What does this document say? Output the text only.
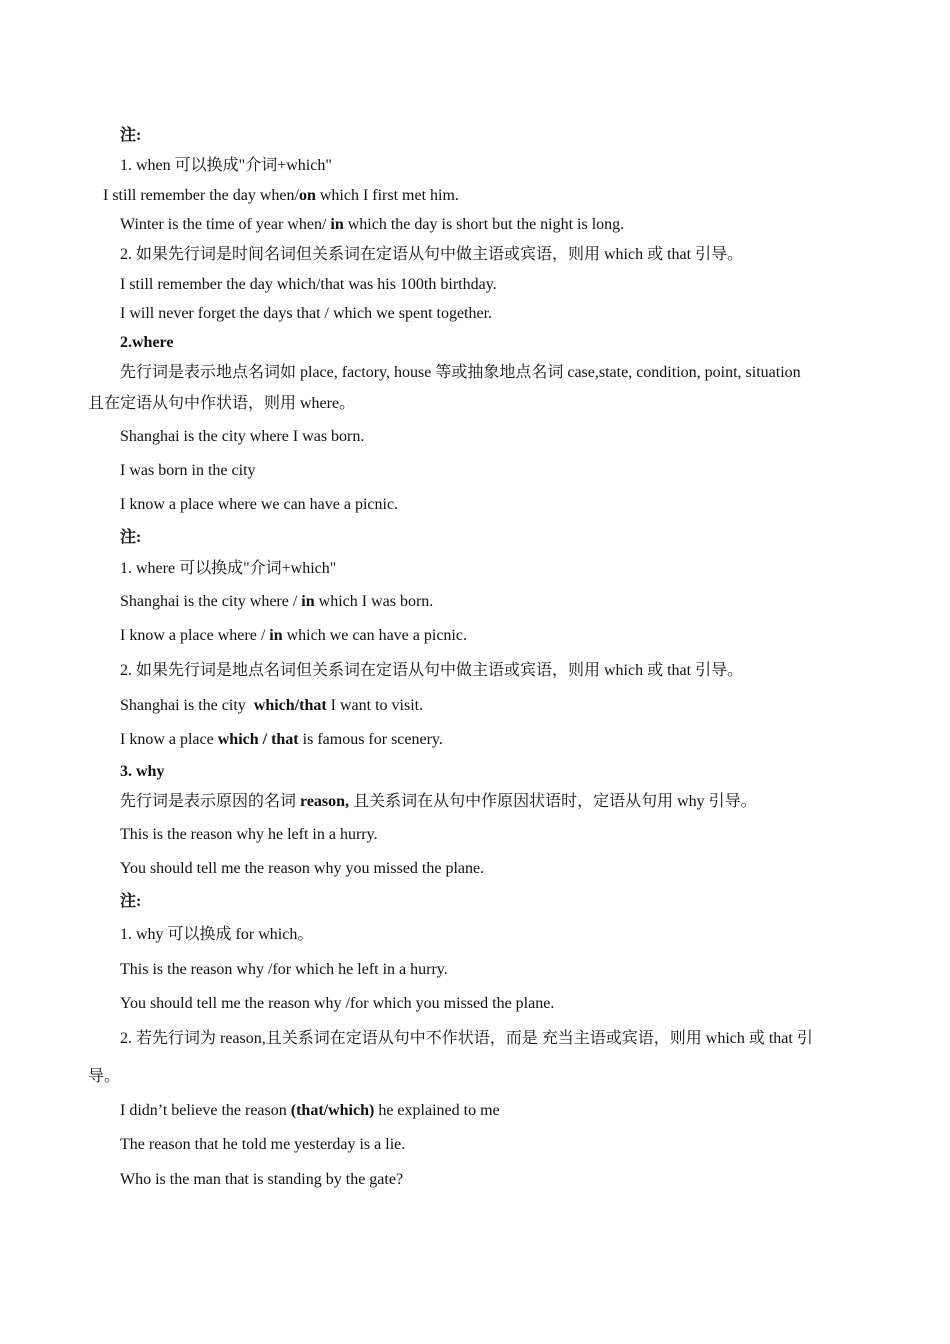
注:
1. when 可以换成"介词+which"
I still remember the day when/on which I first met him.
Winter is the time of year when/ in which the day is short but the night is long.
2. 如果先行词是时间名词但关系词在定语从句中做主语或宾语，则用 which 或 that 引导。
I still remember the day which/that was his 100th birthday.
I will never forget the days that / which we spent together.
2.where
先行词是表示地点名词如 place, factory, house 等或抽象地点名词 case,state, condition, point, situation
且在定语从句中作状语，则用 where。
Shanghai is the city where I was born.
I was born in the city
I know a place where we can have a picnic.
注:
1. where 可以换成"介词+which"
Shanghai is the city where / in which I was born.
I know a place where / in which we can have a picnic.
2. 如果先行词是地点名词但关系词在定语从句中做主语或宾语，则用 which 或 that 引导。
Shanghai is the city  which/that I want to visit.
I know a place which / that is famous for scenery.
3. why
先行词是表示原因的名词 reason, 且关系词在从句中作原因状语时，定语从句用 why 引导。
This is the reason why he left in a hurry.
You should tell me the reason why you missed the plane.
注:
1. why 可以换成 for which。
This is the reason why /for which he left in a hurry.
You should tell me the reason why /for which you missed the plane.
2. 若先行词为 reason,且关系词在定语从句中不作状语，而是 充当主语或宾语，则用 which 或 that 引
导。
I didn’t believe the reason (that/which) he explained to me
The reason that he told me yesterday is a lie.
Who is the man that is standing by the gate?
